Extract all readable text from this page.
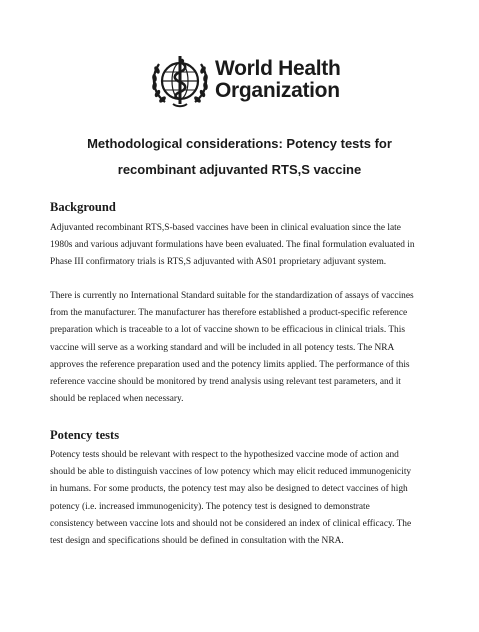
World Health
Organization
Methodological considerations: Potency tests for
recombinant adjuvanted RTS,S vaccine
Background
Adjuvanted recombinant RTS,S-based vaccines have been in clinical evaluation since the late
1980s and various adjuvant formulations have been evaluated. The final formulation evaluated in
Phase III confirmatory trials is RTS,S adjuvanted with AS01 proprietary adjuvant system.
There is currently no International Standard suitable for the standardization of assays of vaccines
from the manufacturer. The manufacturer has therefore established a product-specific reference
preparation which is traceable to a lot of vaccine shown to be efficacious in clinical trials. This
vaccine will serve as a working standard and will be included in all potency tests. The NRA
approves the reference preparation used and the potency limits applied. The performance of this
reference vaccine should be monitored by trend analysis using relevant test parameters, and it
should be replaced when necessary.
Potency tests
Potency tests should be relevant with respect to the hypothesized vaccine mode of action and
should be able to distinguish vaccines of low potency which may elicit reduced immunogenicity
in humans. For some products, the potency test may also be designed to detect vaccines of high
potency (i.e. increased immunogenicity). The potency test is designed to demonstrate
consistency between vaccine lots and should not be considered an index of clinical efficacy. The
test design and specifications should be defined in consultation with the NRA.
